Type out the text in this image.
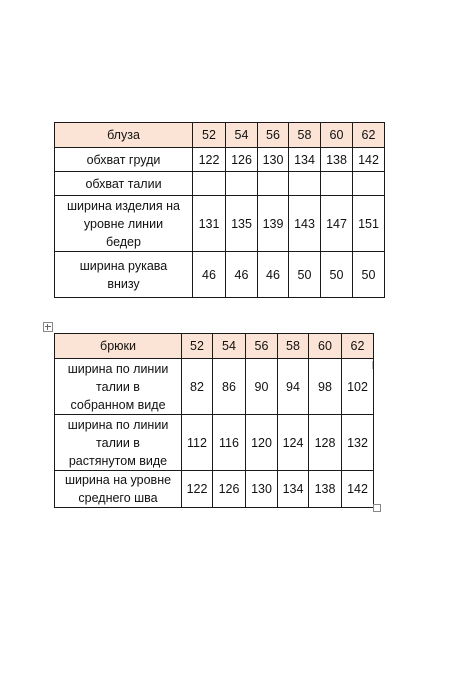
блуза	52	54	56	58	60	62
обхват груди	122	126	130	134	138	142
обхват талии						

ширина изделия на
уровне линии
бедер	131	135	139	143	147	151

ширина рукава
внизу	46	46	46	50	50	50
брюки	52	54	56	58	60	62

ширина по линии
талии в
собранном виде	82	86	90	94	98	102

ширина по линии
талии в
растянутом виде	112	116	120	124	128	132

ширина на уровне
среднего шва	122	126	130	134	138	142
